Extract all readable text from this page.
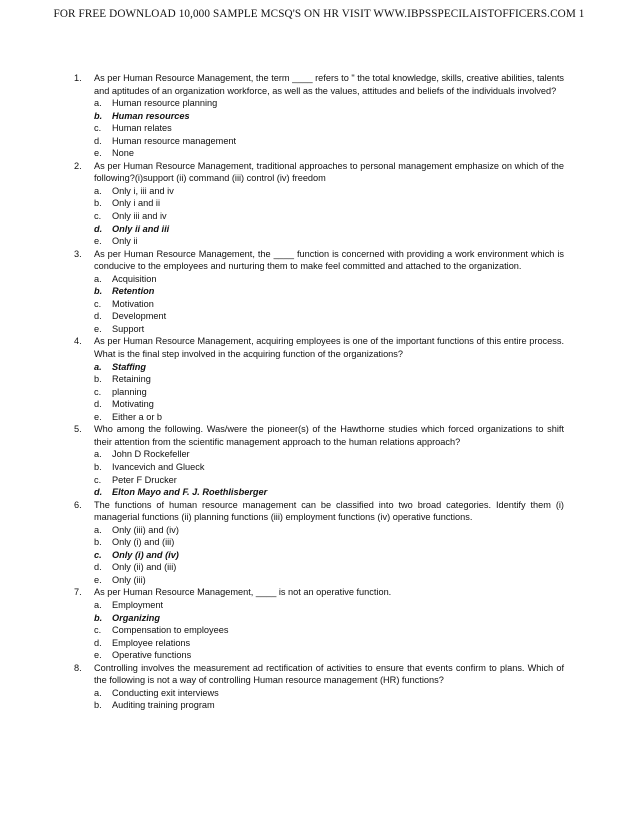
FOR FREE DOWNLOAD 10,000 SAMPLE MCSQ'S ON HR VISIT WWW.IBPSSPECILAISTOFFICERS.COM 1
1. As per Human Resource Management, the term ____ refers to " the total knowledge, skills, creative abilities, talents and aptitudes of an organization workforce, as well as the values, attitudes and beliefs of the individuals involved?
a. Human resource planning
b. Human resources
c. Human relates
d. Human resource management
e. None
2. As per Human Resource Management, traditional approaches to personal management emphasize on which of the following?(i)support (ii) command (iii) control (iv) freedom
a. Only i, iii and iv
b. Only i and ii
c. Only iii and iv
d. Only ii and iii
e. Only ii
3. As per Human Resource Management, the ____ function is concerned with providing a work environment which is conducive to the employees and nurturing them to make feel committed and attached to the organization.
a. Acquisition
b. Retention
c. Motivation
d. Development
e. Support
4. As per Human Resource Management, acquiring employees is one of the important functions of this entire process. What is the final step involved in the acquiring function of the organizations?
a. Staffing
b. Retaining
c. planning
d. Motivating
e. Either a or b
5. Who among the following. Was/were the pioneer(s) of the Hawthorne studies which forced organizations to shift their attention from the scientific management approach to the human relations approach?
a. John D Rockefeller
b. Ivancevich and Glueck
c. Peter F Drucker
d. Elton Mayo and F. J. Roethlisberger
6. The functions of human resource management can be classified into two broad categories. Identify them (i) managerial functions (ii) planning functions (iii) employment functions (iv) operative functions.
a. Only (iii) and (iv)
b. Only (i) and (iii)
c. Only (i) and (iv)
d. Only (ii) and (iii)
e. Only (iii)
7. As per Human Resource Management, ____ is not an operative function.
a. Employment
b. Organizing
c. Compensation to employees
d. Employee relations
e. Operative functions
8. Controlling involves the measurement ad rectification of activities to ensure that events confirm to plans. Which of the following is not a way of controlling Human resource management (HR) functions?
a. Conducting exit interviews
b. Auditing training program
